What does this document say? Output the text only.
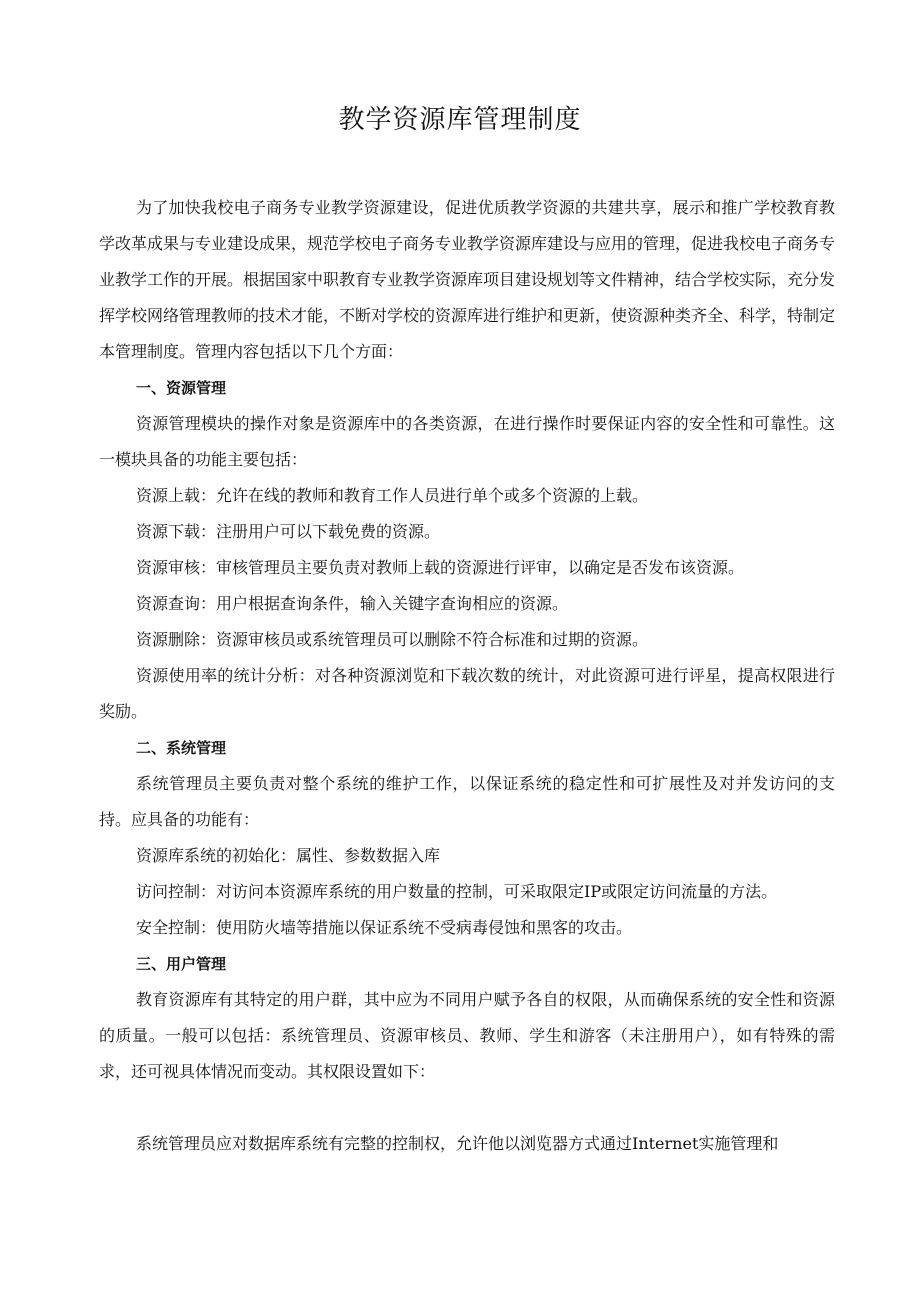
教学资源库管理制度

为了加快我校电子商务专业教学资源建设，促进优质教学资源的共建共享，展示和推广学校教育教学改革成果与专业建设成果，规范学校电子商务专业教学资源库建设与应用的管理，促进我校电子商务专业教学工作的开展。根据国家中职教育专业教学资源库项目建设规划等文件精神，结合学校实际，充分发挥学校网络管理教师的技术才能，不断对学校的资源库进行维护和更新，使资源种类齐全、科学，特制定本管理制度。管理内容包括以下几个方面：

一、资源管理

资源管理模块的操作对象是资源库中的各类资源，在进行操作时要保证内容的安全性和可靠性。这一模块具备的功能主要包括：

资源上载：允许在线的教师和教育工作人员进行单个或多个资源的上载。

资源下载：注册用户可以下载免费的资源。

资源审核：审核管理员主要负责对教师上载的资源进行评审，以确定是否发布该资源。

资源查询：用户根据查询条件，输入关键字查询相应的资源。

资源删除：资源审核员或系统管理员可以删除不符合标准和过期的资源。

资源使用率的统计分析：对各种资源浏览和下载次数的统计，对此资源可进行评星，提高权限进行奖励。

二、系统管理

系统管理员主要负责对整个系统的维护工作，以保证系统的稳定性和可扩展性及对并发访问的支持。应具备的功能有：

资源库系统的初始化：属性、参数数据入库

访问控制：对访问本资源库系统的用户数量的控制，可采取限定IP或限定访问流量的方法。

安全控制：使用防火墙等措施以保证系统不受病毒侵蚀和黑客的攻击。

三、用户管理

教育资源库有其特定的用户群，其中应为不同用户赋予各自的权限，从而确保系统的安全性和资源的质量。一般可以包括：系统管理员、资源审核员、教师、学生和游客（未注册用户），如有特殊的需求，还可视具体情况而变动。其权限设置如下：

系统管理员应对数据库系统有完整的控制权，允许他以浏览器方式通过Internet实施管理和
